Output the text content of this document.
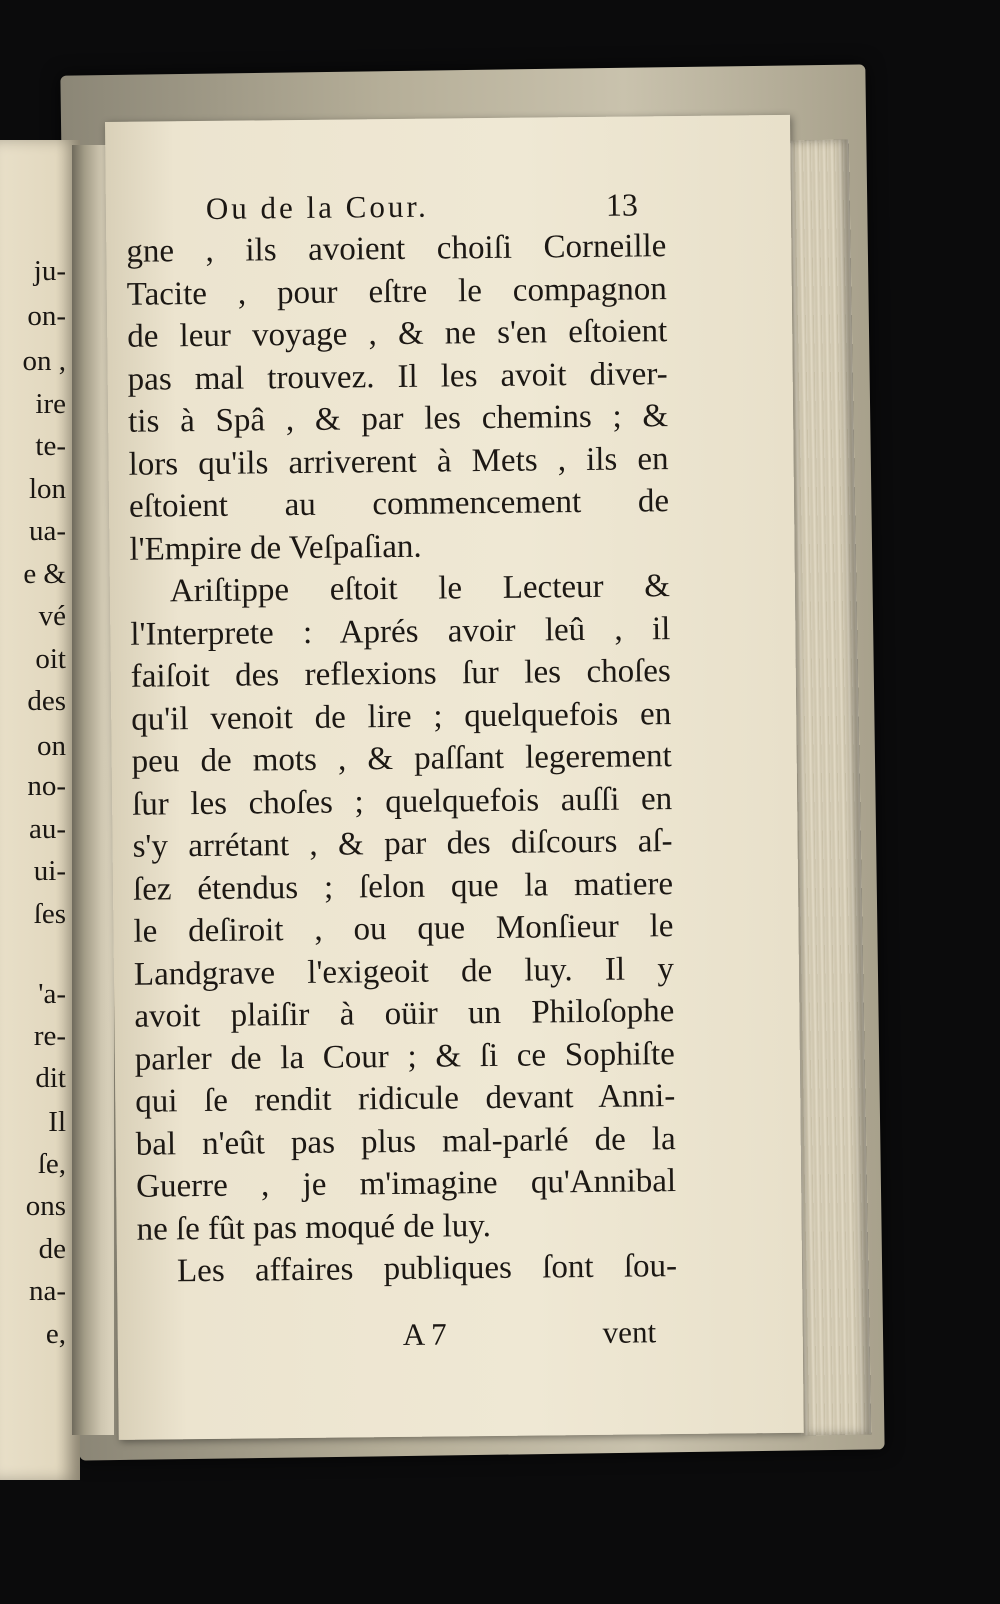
ju-
on-
on ,
ire
te-
lon
ua-
e &
vé
oit
des
on
no-
au-
ui-
ſes
'a-
re-
dit
Il
ſe,
ons
de
na-
e,
Ou de la Cour.	13
gne , ils avoient choiſi Corneille
Tacite , pour eſtre le compagnon
de leur voyage , & ne s'en eſtoient
pas mal trouvez. Il les avoit diver-
tis à Spâ , & par les chemins ; &
lors qu'ils arriverent à Mets , ils en
eſtoient au commencement de
l'Empire de Veſpaſian.
Ariſtippe eſtoit le Lecteur &
l'Interprete : Aprés avoir leû , il
faiſoit des reflexions ſur les choſes
qu'il venoit de lire ; quelquefois en
peu de mots , & paſſant legerement
ſur les choſes ; quelquefois auſſi en
s'y arrétant , & par des diſcours aſ-
ſez étendus ; ſelon que la matiere
le deſiroit , ou que Monſieur le
Landgrave l'exigeoit de luy. Il y
avoit plaiſir à oüir un Philoſophe
parler de la Cour ; & ſi ce Sophiſte
qui ſe rendit ridicule devant Anni-
bal n'eût pas plus mal-parlé de la
Guerre , je m'imagine qu'Annibal
ne ſe fût pas moqué de luy.
Les affaires publiques ſont ſou-
A 7	vent
